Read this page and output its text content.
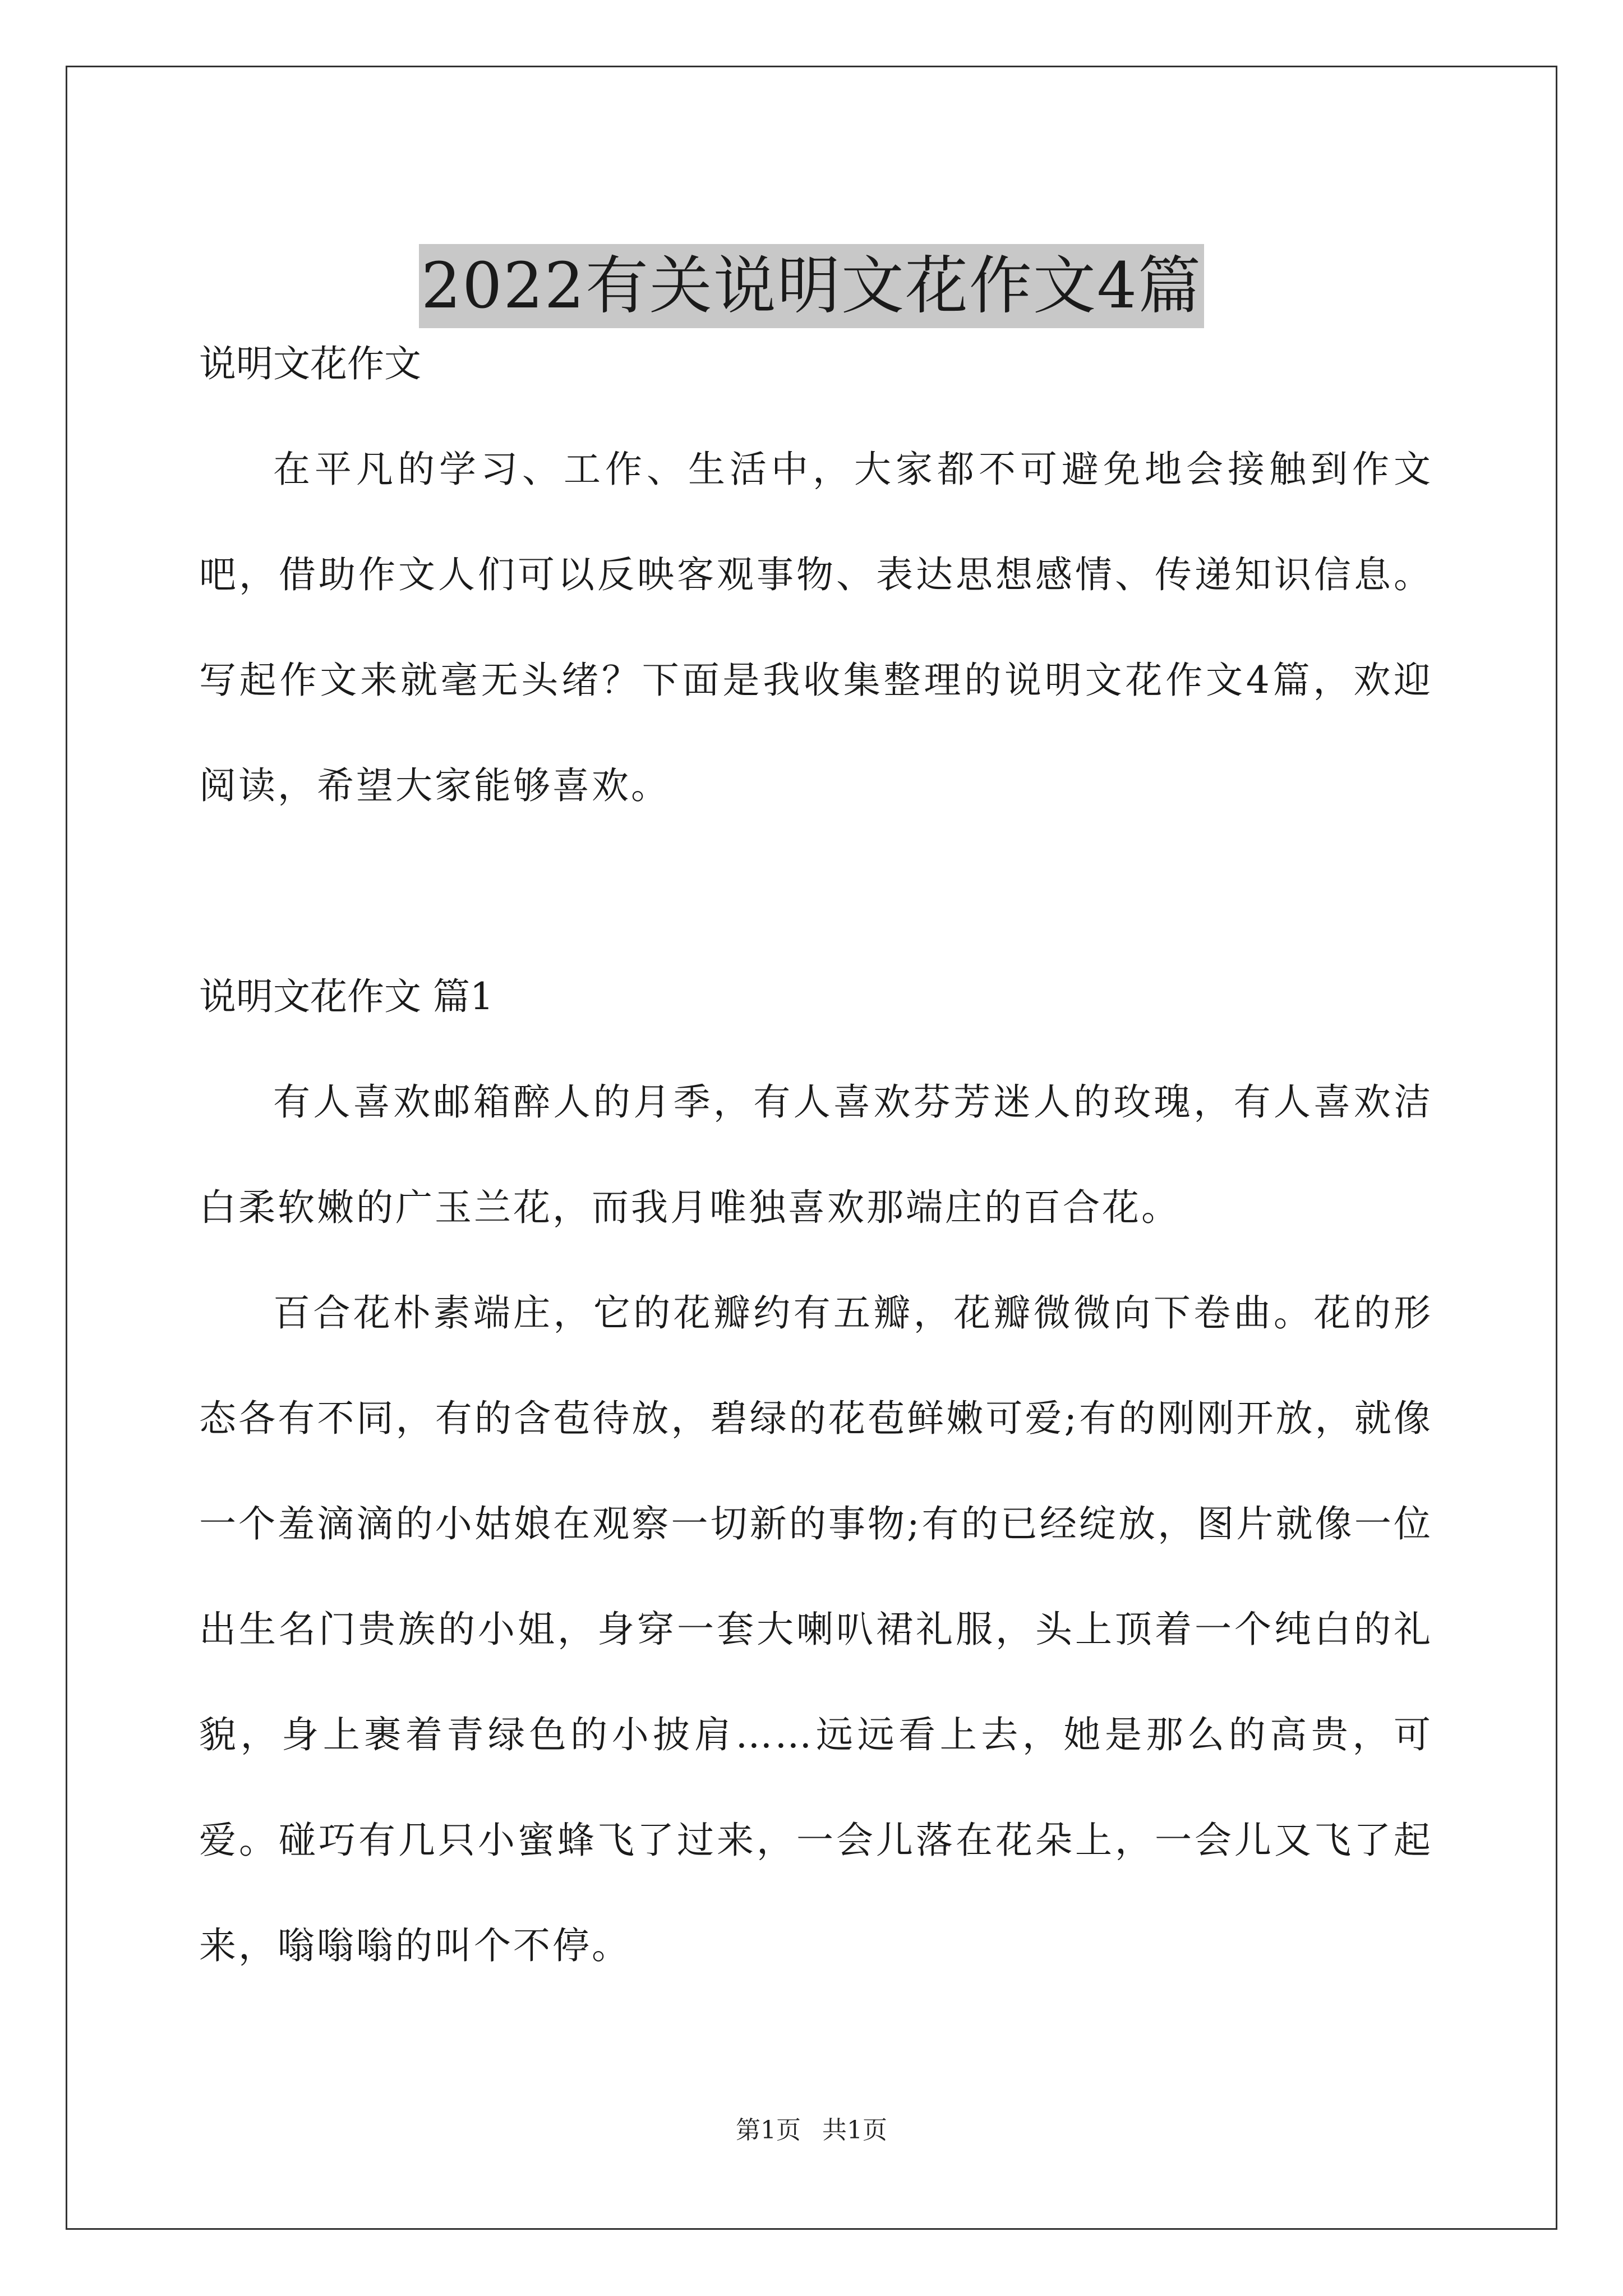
2022有关说明文花作文4篇

说明文花作文

在平凡的学习、工作、生活中，大家都不可避免地会接触到作文吧，借助作文人们可以反映客观事物、表达思想感情、传递知识信息。写起作文来就毫无头绪？下面是我收集整理的说明文花作文4篇，欢迎阅读，希望大家能够喜欢。

说明文花作文 篇1

有人喜欢邮箱醉人的月季，有人喜欢芬芳迷人的玫瑰，有人喜欢洁白柔软嫩的广玉兰花，而我月唯独喜欢那端庄的百合花。

百合花朴素端庄，它的花瓣约有五瓣，花瓣微微向下卷曲。花的形态各有不同，有的含苞待放，碧绿的花苞鲜嫩可爱;有的刚刚开放，就像一个羞滴滴的小姑娘在观察一切新的事物;有的已经绽放，图片就像一位出生名门贵族的小姐，身穿一套大喇叭裙礼服，头上顶着一个纯白的礼貌，身上裹着青绿色的小披肩……远远看上去，她是那么的高贵，可爱。碰巧有几只小蜜蜂飞了过来，一会儿落在花朵上，一会儿又飞了起来，嗡嗡嗡的叫个不停。

第1页 共1页
